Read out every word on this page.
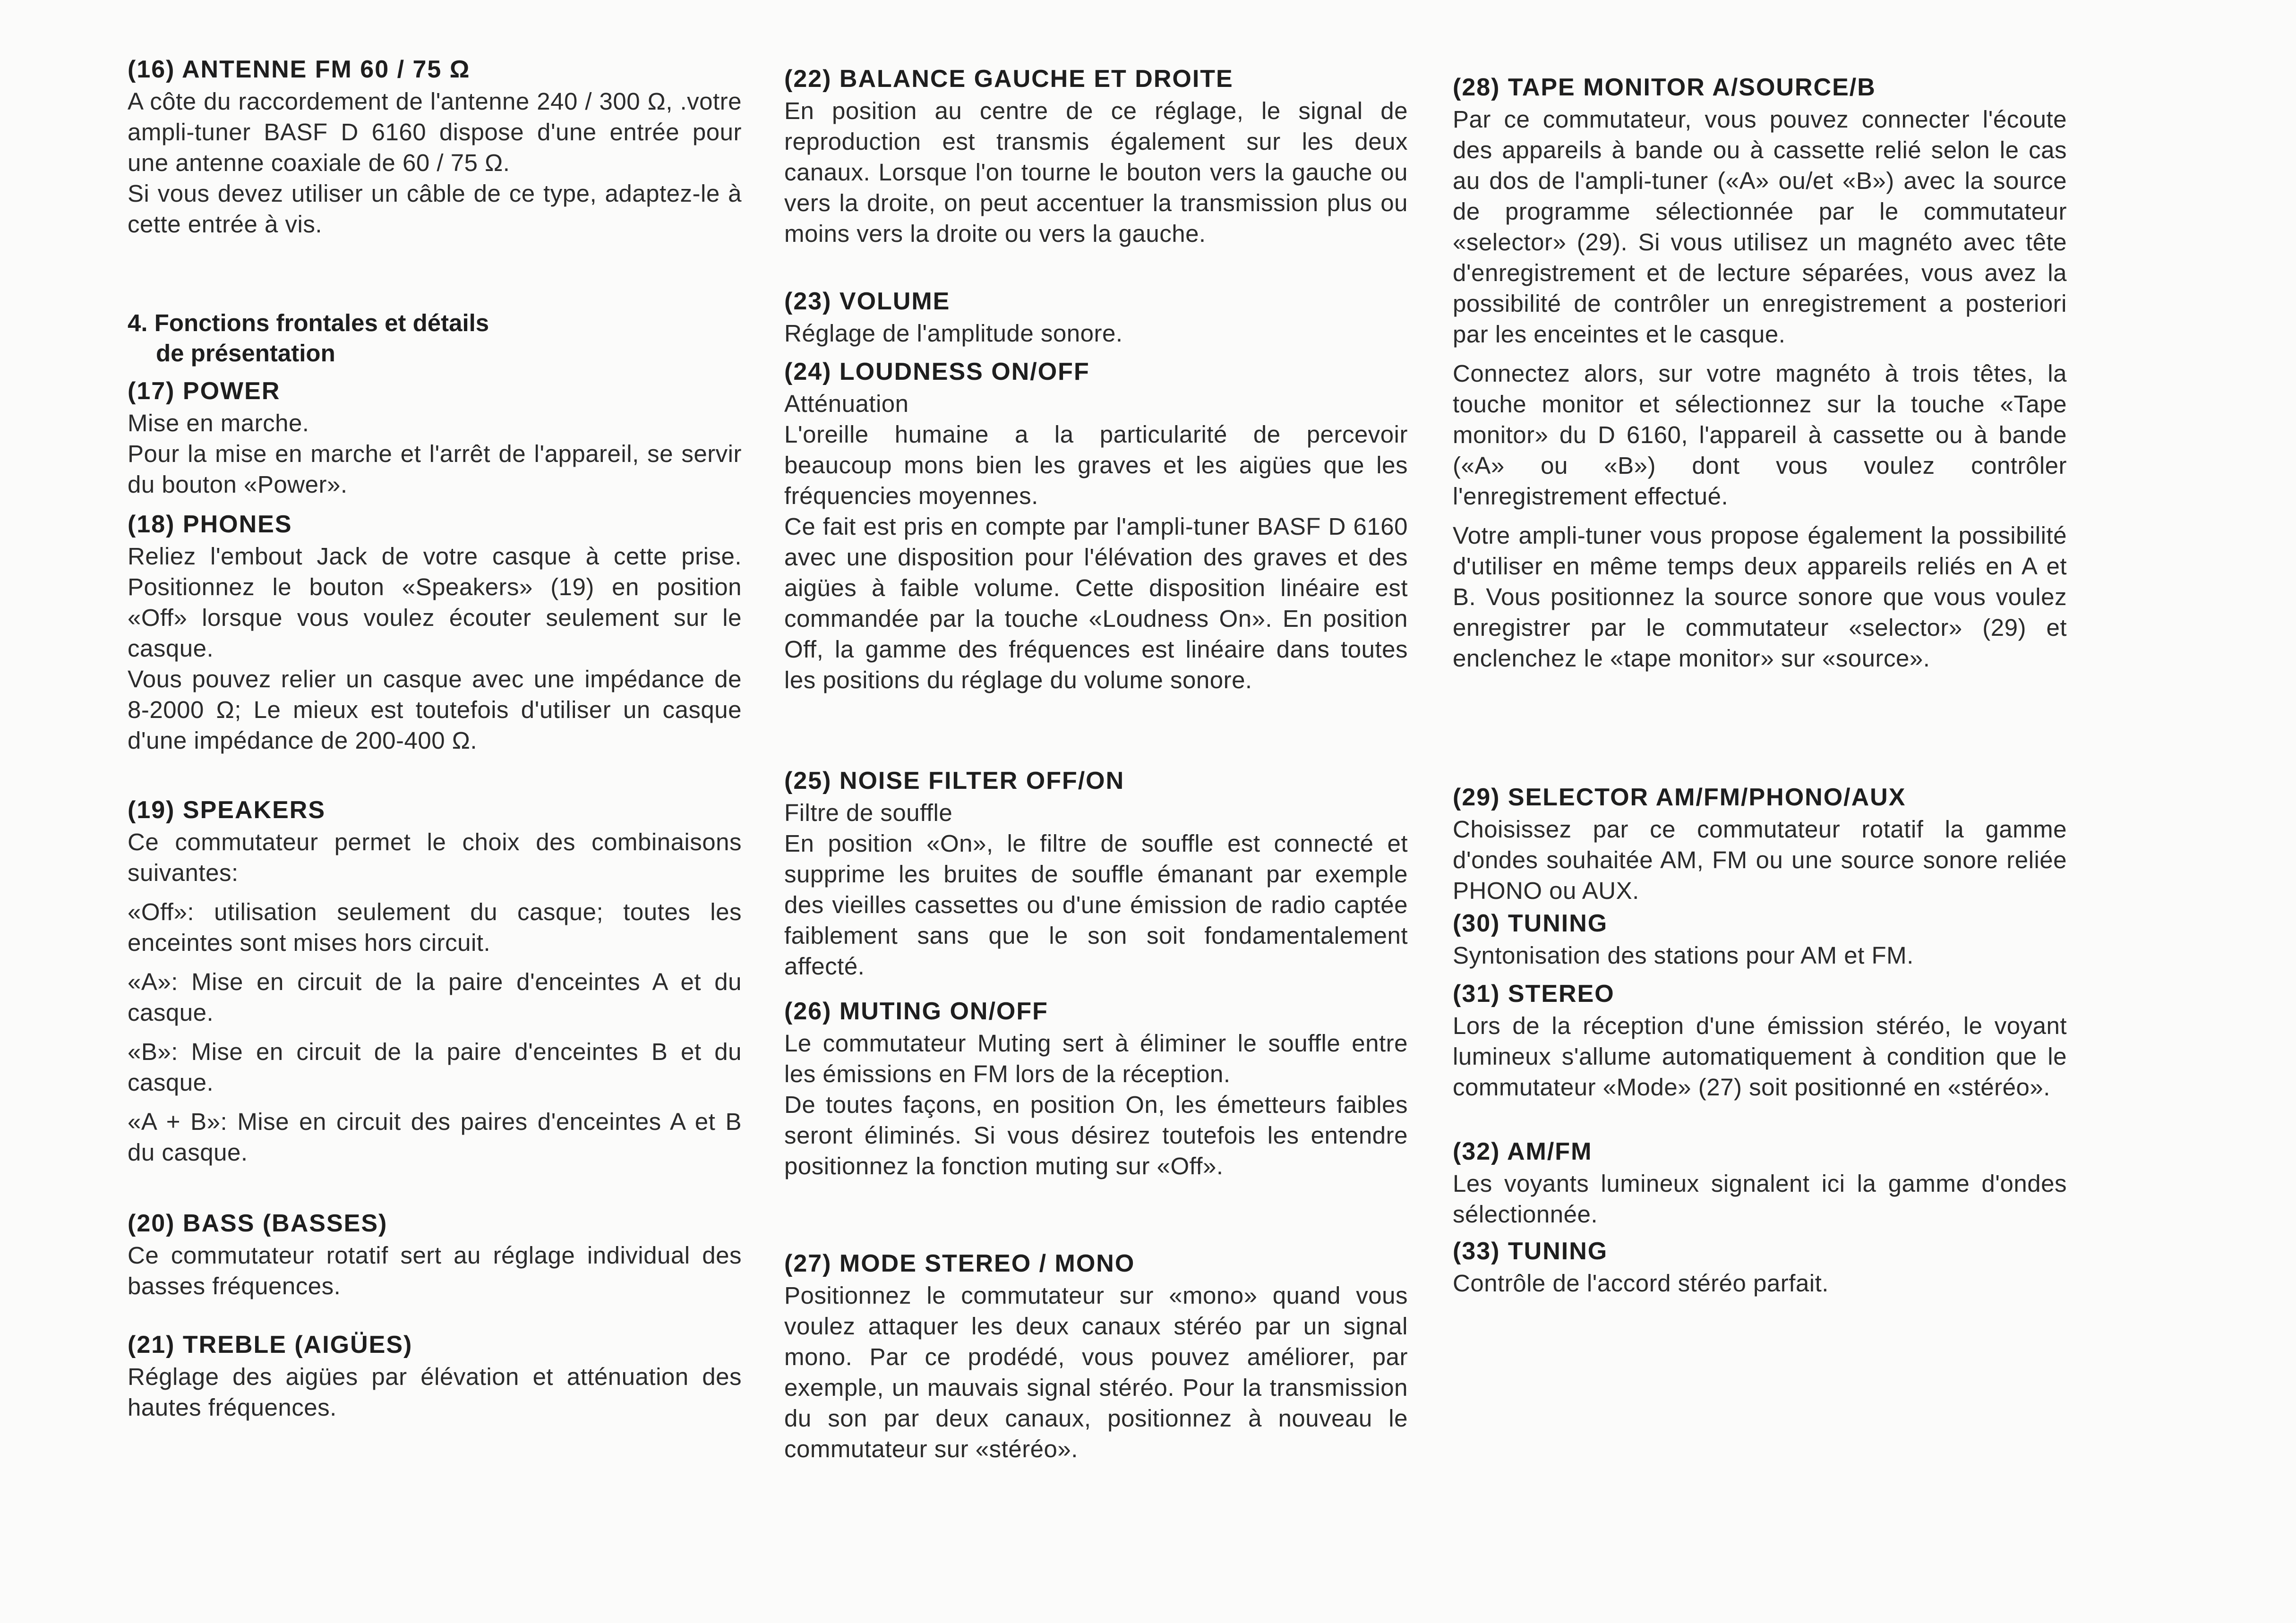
(16) ANTENNE FM 60 / 75 Ω

A côte du raccordement de l'antenne 240 / 300 Ω, .votre ampli-tuner BASF D 6160 dispose d'une entrée pour une antenne coaxiale de 60 / 75 Ω.

Si vous devez utiliser un câble de ce type, adaptez-le à cette entrée à vis.

4. Fonctions frontales et détails
de présentation
(17) POWER

Mise en marche.

Pour la mise en marche et l'arrêt de l'appareil, se servir du bouton «Power».

(18) PHONES

Reliez l'embout Jack de votre casque à cette prise. Positionnez le bouton «Speakers» (19) en position «Off» lorsque vous voulez écouter seulement sur le casque.

Vous pouvez relier un casque avec une impédance de 8-2000 Ω; Le mieux est toutefois d'utiliser un casque d'une impédance de 200-400 Ω.

(19) SPEAKERS

Ce commutateur permet le choix des combinaisons suivantes:

«Off»: utilisation seulement du casque; toutes les enceintes sont mises hors circuit.

«A»: Mise en circuit de la paire d'enceintes A et du casque.

«B»: Mise en circuit de la paire d'enceintes B et du casque.

«A + B»: Mise en circuit des paires d'enceintes A et B du casque.

(20) BASS (BASSES)

Ce commutateur rotatif sert au réglage individual des basses fréquences.

(21) TREBLE (AIGÜES)

Réglage des aigües par élévation et atténuation des hautes fréquences.

(22) BALANCE GAUCHE ET DROITE

En position au centre de ce réglage, le signal de reproduction est transmis également sur les deux canaux. Lorsque l'on tourne le bouton vers la gauche ou vers la droite, on peut accentuer la transmission plus ou moins vers la droite ou vers la gauche.

(23) VOLUME

Réglage de l'amplitude sonore.

(24) LOUDNESS ON/OFF

Atténuation

L'oreille humaine a la particularité de percevoir beaucoup mons bien les graves et les aigües que les fréquencies moyennes.

Ce fait est pris en compte par l'ampli-tuner BASF D 6160 avec une disposition pour l'élévation des graves et des aigües à faible volume. Cette disposition linéaire est commandée par la touche «Loudness On». En position Off, la gamme des fréquences est linéaire dans toutes les positions du réglage du volume sonore.

(25) NOISE FILTER OFF/ON

Filtre de souffle

En position «On», le filtre de souffle est connecté et supprime les bruites de souffle émanant par exemple des vieilles cassettes ou d'une émission de radio captée faiblement sans que le son soit fondamentalement affecté.

(26) MUTING ON/OFF

Le commutateur Muting sert à éliminer le souffle entre les émissions en FM lors de la réception.

De toutes façons, en position On, les émetteurs faibles seront éliminés. Si vous désirez toutefois les entendre positionnez la fonction muting sur «Off».

(27) MODE STEREO / MONO

Positionnez le commutateur sur «mono» quand vous voulez attaquer les deux canaux stéréo par un signal mono. Par ce prodédé, vous pouvez améliorer, par exemple, un mauvais signal stéréo. Pour la transmission du son par deux canaux, positionnez à nouveau le commutateur sur «stéréo».

(28) TAPE MONITOR A/SOURCE/B

Par ce commutateur, vous pouvez connecter l'écoute des appareils à bande ou à cassette relié selon le cas au dos de l'ampli-tuner («A» ou/et «B») avec la source de programme sélectionnée par le commutateur «selector» (29). Si vous utilisez un magnéto avec tête d'enregistrement et de lecture séparées, vous avez la possibilité de contrôler un enregistrement a posteriori par les enceintes et le casque.

Connectez alors, sur votre magnéto à trois têtes, la touche monitor et sélectionnez sur la touche «Tape monitor» du D 6160, l'appareil à cassette ou à bande («A» ou «B») dont vous voulez contrôler l'enregistrement effectué.

Votre ampli-tuner vous propose également la possibilité d'utiliser en même temps deux appareils reliés en A et B. Vous positionnez la source sonore que vous voulez enregistrer par le commutateur «selector» (29) et enclenchez le «tape monitor» sur «source».

(29) SELECTOR AM/FM/PHONO/AUX

Choisissez par ce commutateur rotatif la gamme d'ondes souhaitée AM, FM ou une source sonore reliée PHONO ou AUX.

(30) TUNING

Syntonisation des stations pour AM et FM.

(31) STEREO

Lors de la réception d'une émission stéréo, le voyant lumineux s'allume automatiquement à condition que le commutateur «Mode» (27) soit positionné en «stéréo».

(32) AM/FM

Les voyants lumineux signalent ici la gamme d'ondes sélectionnée.

(33) TUNING

Contrôle de l'accord stéréo parfait.
